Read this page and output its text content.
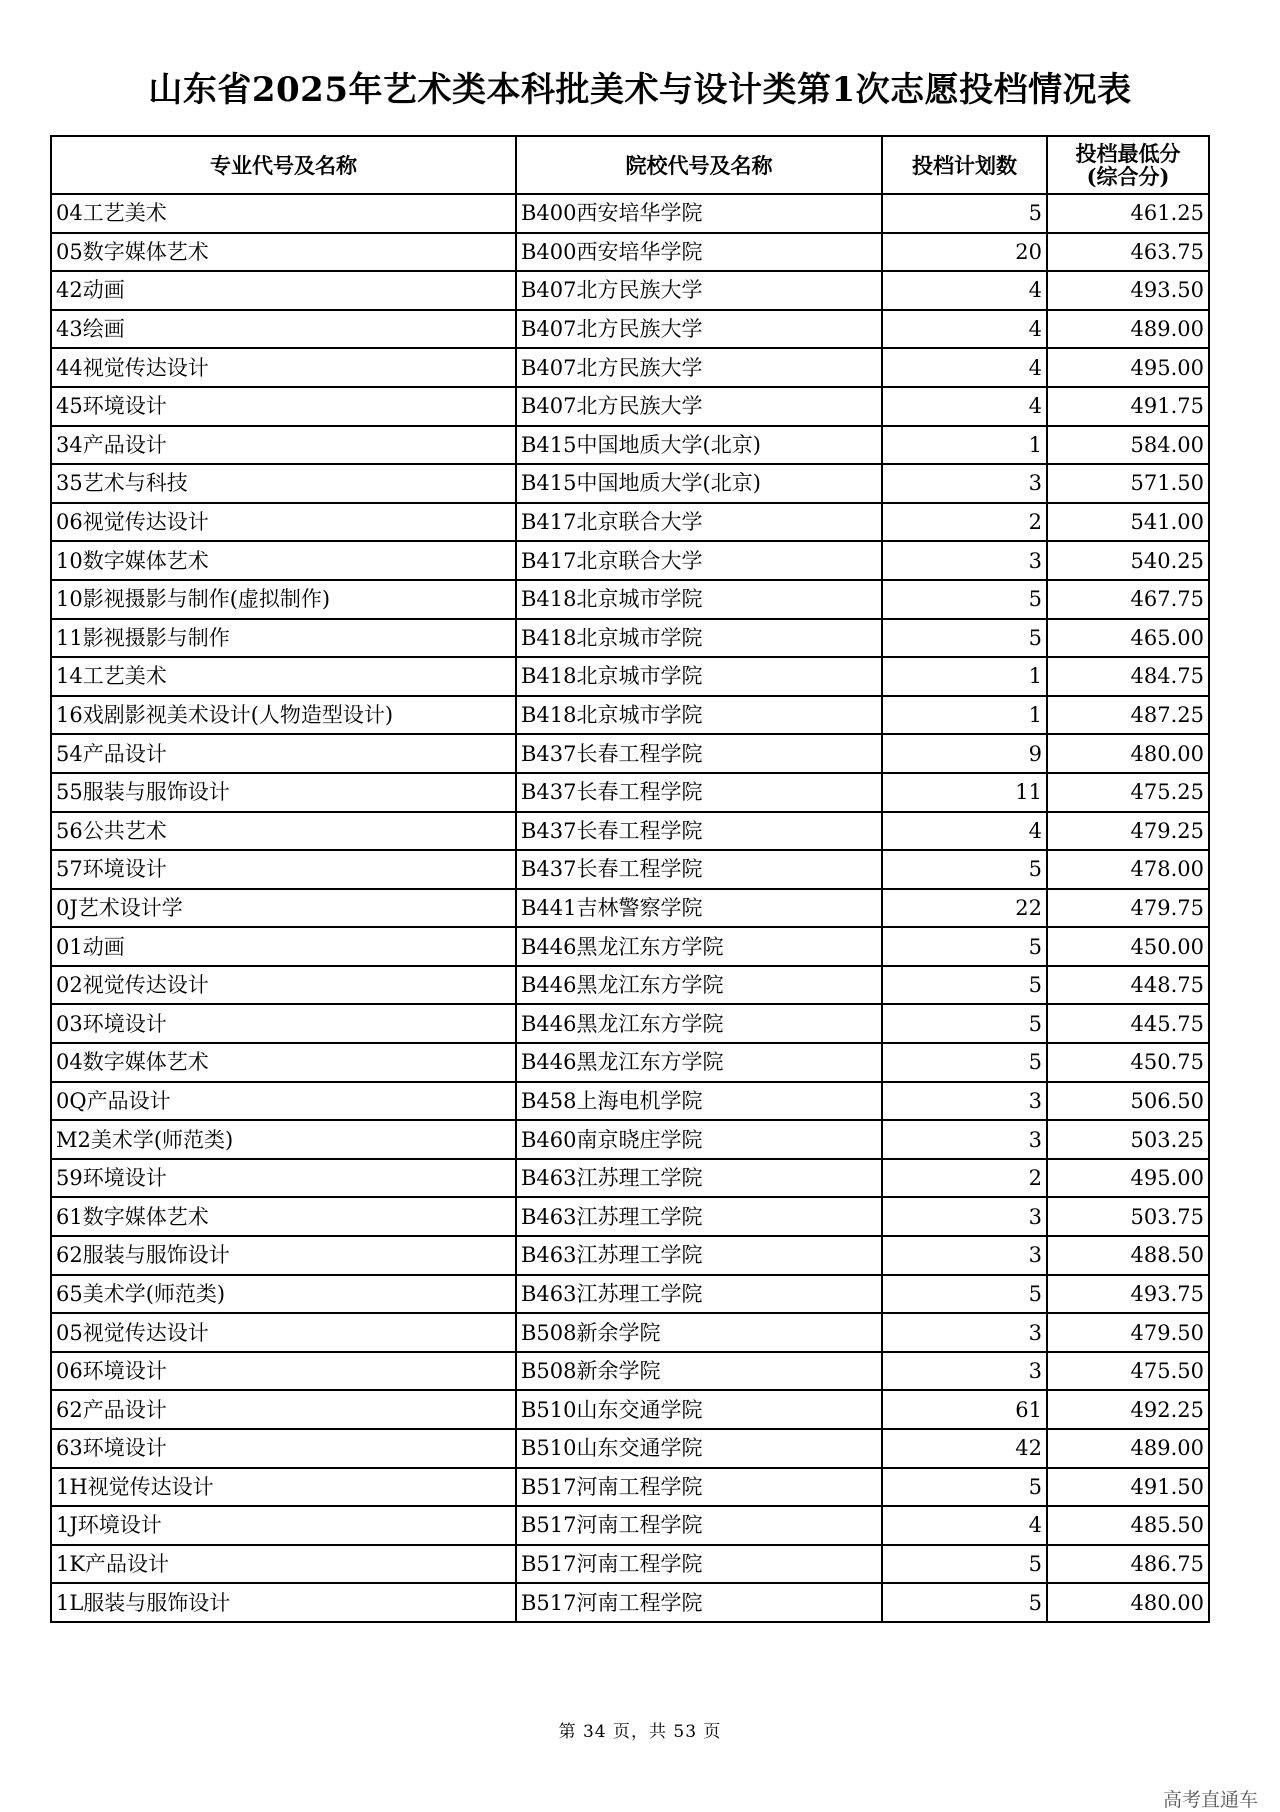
山东省2025年艺术类本科批美术与设计类第1次志愿投档情况表
专业代号及名称	院校代号及名称	投档计划数	投档最低分
(综合分)

04工艺美术	B400西安培华学院	5	461.25
05数字媒体艺术	B400西安培华学院	20	463.75
42动画	B407北方民族大学	4	493.50
43绘画	B407北方民族大学	4	489.00
44视觉传达设计	B407北方民族大学	4	495.00
45环境设计	B407北方民族大学	4	491.75
34产品设计	B415中国地质大学(北京)	1	584.00
35艺术与科技	B415中国地质大学(北京)	3	571.50
06视觉传达设计	B417北京联合大学	2	541.00
10数字媒体艺术	B417北京联合大学	3	540.25
10影视摄影与制作(虚拟制作)	B418北京城市学院	5	467.75
11影视摄影与制作	B418北京城市学院	5	465.00
14工艺美术	B418北京城市学院	1	484.75
16戏剧影视美术设计(人物造型设计)	B418北京城市学院	1	487.25
54产品设计	B437长春工程学院	9	480.00
55服装与服饰设计	B437长春工程学院	11	475.25
56公共艺术	B437长春工程学院	4	479.25
57环境设计	B437长春工程学院	5	478.00
0J艺术设计学	B441吉林警察学院	22	479.75
01动画	B446黑龙江东方学院	5	450.00
02视觉传达设计	B446黑龙江东方学院	5	448.75
03环境设计	B446黑龙江东方学院	5	445.75
04数字媒体艺术	B446黑龙江东方学院	5	450.75
0Q产品设计	B458上海电机学院	3	506.50
M2美术学(师范类)	B460南京晓庄学院	3	503.25
59环境设计	B463江苏理工学院	2	495.00
61数字媒体艺术	B463江苏理工学院	3	503.75
62服装与服饰设计	B463江苏理工学院	3	488.50
65美术学(师范类)	B463江苏理工学院	5	493.75
05视觉传达设计	B508新余学院	3	479.50
06环境设计	B508新余学院	3	475.50
62产品设计	B510山东交通学院	61	492.25
63环境设计	B510山东交通学院	42	489.00
1H视觉传达设计	B517河南工程学院	5	491.50
1J环境设计	B517河南工程学院	4	485.50
1K产品设计	B517河南工程学院	5	486.75
1L服装与服饰设计	B517河南工程学院	5	480.00
第 34 页，共 53 页
高考直通车
